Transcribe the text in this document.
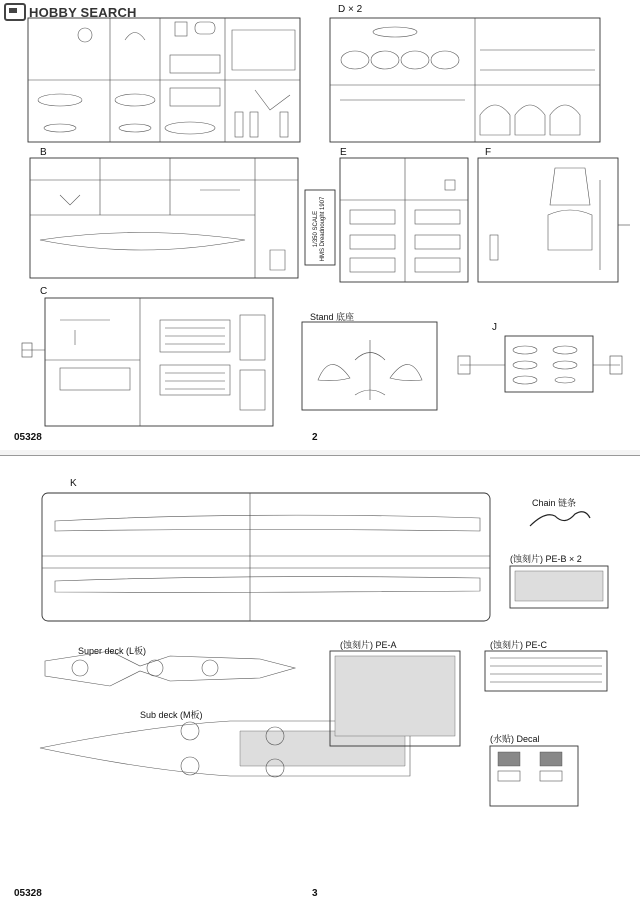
HOBBY SEARCH	D × 2
B	E	F
C
Stand 底座
J
1/350 SCALE HMS Dreadnought 1907
05328	2
K
Chain 链条
(蚀刻片) PE-B × 2
Super deck (L板)
Sub deck (M板)
(蚀刻片) PE-A	(蚀刻片) PE-C
(水贴) Decal
05328	3
